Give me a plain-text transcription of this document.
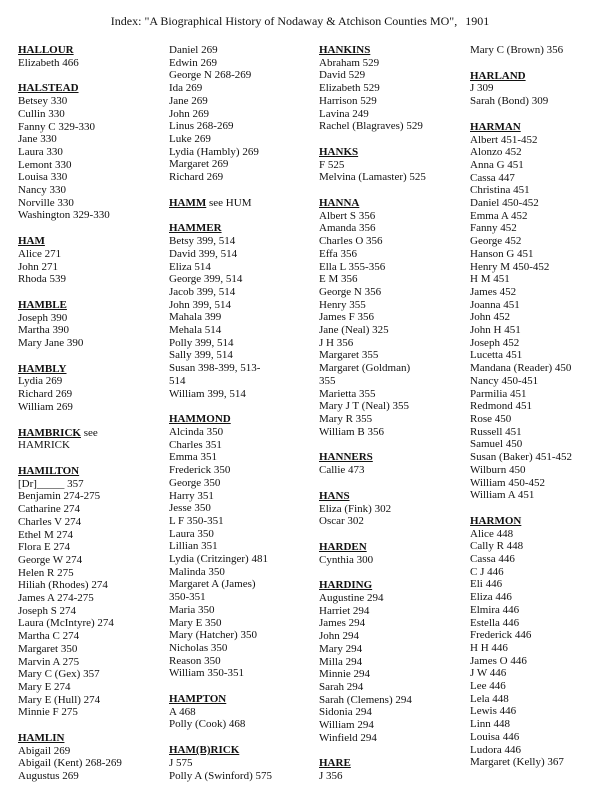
Index: "A Biographical History of Nodaway & Atchison Counties MO", 1901
HALLOUR
Elizabeth 466
HALSTEAD
Betsey 330
Cullin 330
Fanny C 329-330
Jane 330
Laura 330
Lemont 330
Louisa 330
Nancy 330
Norville 330
Washington 329-330
HAM
Alice 271
John 271
Rhoda 539
HAMBLE
Joseph 390
Martha 390
Mary Jane 390
HAMBLY
Lydia 269
Richard 269
William 269
HAMBRICK see
HAMRICK
HAMILTON
[Dr]_____ 357
Benjamin 274-275
Catharine 274
Charles V 274
Ethel M 274
Flora E 274
George W 274
Helen R 275
Hiliah (Rhodes) 274
James A 274-275
Joseph S 274
Laura (McIntyre) 274
Martha C 274
Margaret 350
Marvin A 275
Mary C (Gex) 357
Mary E 274
Mary E (Hull) 274
Minnie F 275
HAMLIN
Abigail 269
Abigail (Kent) 268-269
Augustus 269
Daniel 269
Edwin 269
George N 268-269
Ida 269
Jane 269
John 269
Linus 268-269
Luke 269
Lydia (Hambly) 269
Margaret 269
Richard 269
HAMM see HUM
HAMMER
Betsy 399, 514
David 399, 514
Eliza 514
George 399, 514
Jacob 399, 514
John 399, 514
Mahala 399
Mehala 514
Polly 399, 514
Sally 399, 514
Susan 398-399, 513-
514
William 399, 514
HAMMOND
Alcinda 350
Charles 351
Emma 351
Frederick 350
George 350
Harry 351
Jesse 350
L F 350-351
Laura 350
Lillian 351
Lydia (Critzinger) 481
Malinda 350
Margaret A (James)
350-351
Maria 350
Mary E 350
Mary (Hatcher) 350
Nicholas 350
Reason 350
William 350-351
HAMPTON
A 468
Polly (Cook) 468
HAM(B)RICK
J 575
Polly A (Swinford) 575
HANKINS
Abraham 529
David 529
Elizabeth 529
Harrison 529
Lavina 249
Rachel (Blagraves) 529
HANKS
F 525
Melvina (Lamaster) 525
HANNA
Albert S 356
Amanda 356
Charles O 356
Effa 356
Ella L 355-356
E M 356
George N 356
Henry 355
James F 356
Jane (Neal) 325
J H 356
Margaret 355
Margaret (Goldman)
355
Marietta 355
Mary J T (Neal) 355
Mary R 355
William B 356
HANNERS
Callie 473
HANS
Eliza (Fink) 302
Oscar 302
HARDEN
Cynthia 300
HARDING
Augustine 294
Harriet 294
James 294
John 294
Mary 294
Milla 294
Minnie 294
Sarah 294
Sarah (Clemens) 294
Sidonia 294
William 294
Winfield 294
HARE
J 356
Mary C (Brown) 356
HARLAND
J 309
Sarah (Bond) 309
HARMAN
Albert 451-452
Alonzo 452
Anna G 451
Cassa 447
Christina 451
Daniel 450-452
Emma A 452
Fanny 452
George 452
Hanson G 451
Henry M 450-452
H M 451
James 452
Joanna 451
John 452
John H 451
Joseph 452
Lucetta 451
Mandana (Reader) 450
Nancy 450-451
Parmilia 451
Redmond 451
Rose 450
Russell 451
Samuel 450
Susan (Baker) 451-452
Wilburn 450
William 450-452
William A 451
HARMON
Alice 448
Cally R 448
Cassa 446
C J 446
Eli 446
Eliza 446
Elmira 446
Estella 446
Frederick 446
H H 446
James O 446
J W 446
Lee 446
Lela 448
Lewis 446
Linn 448
Louisa 446
Ludora 446
Margaret (Kelly) 367
